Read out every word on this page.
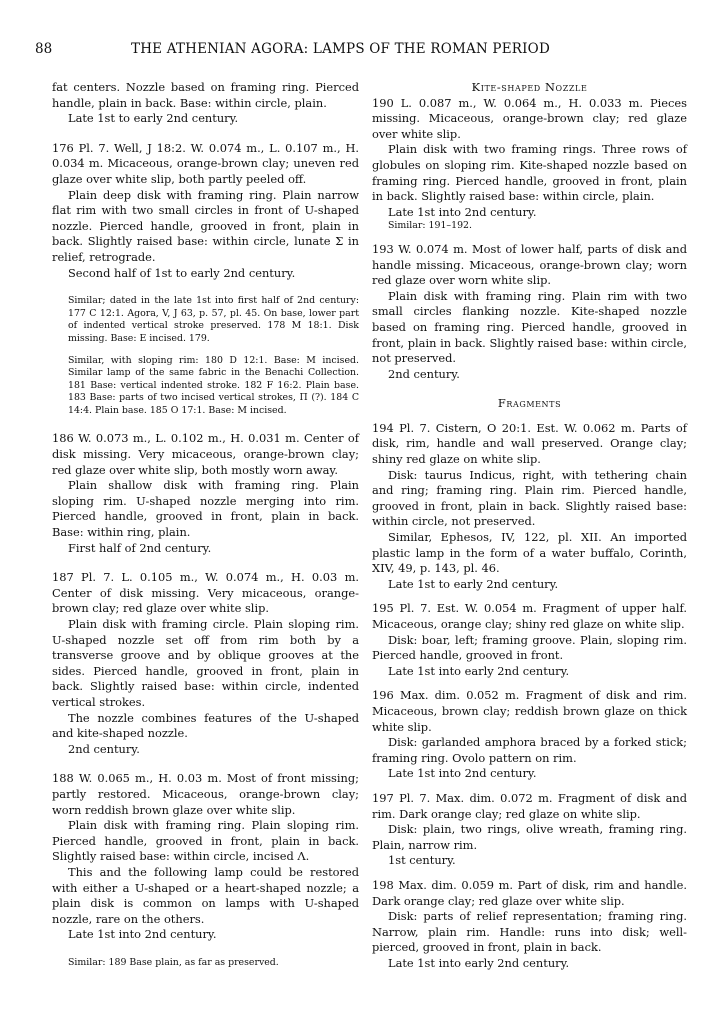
88	THE ATHENIAN AGORA: LAMPS OF THE ROMAN PERIOD

fat centers. Nozzle based on framing ring. Pierced handle, plain in back. Base: within circle, plain.

Late 1st to early 2nd century.

176 Pl. 7. Well, J 18:2. W. 0.074 m., L. 0.107 m., H. 0.034 m. Micaceous, orange-brown clay; uneven red glaze over white slip, both partly peeled off.

Plain deep disk with framing ring. Plain narrow flat rim with two small circles in front of U-shaped nozzle. Pierced handle, grooved in front, plain in back. Slightly raised base: within circle, lunate Σ in relief, retrograde.

Second half of 1st to early 2nd century.

Similar; dated in the late 1st into first half of 2nd century: 177 C 12:1. Agora, V, J 63, p. 57, pl. 45. On base, lower part of indented vertical stroke preserved. 178 M 18:1. Disk missing. Base: E incised. 179.

Similar, with sloping rim: 180 D 12:1. Base: M incised. Similar lamp of the same fabric in the Benachi Collection. 181 Base: vertical indented stroke. 182 F 16:2. Plain base. 183 Base: parts of two incised vertical strokes, Π (?). 184 C 14:4. Plain base. 185 O 17:1. Base: M incised.

186 W. 0.073 m., L. 0.102 m., H. 0.031 m. Center of disk missing. Very micaceous, orange-brown clay; red glaze over white slip, both mostly worn away.

Plain shallow disk with framing ring. Plain sloping rim. U-shaped nozzle merging into rim. Pierced handle, grooved in front, plain in back. Base: within ring, plain.

First half of 2nd century.

187 Pl. 7. L. 0.105 m., W. 0.074 m., H. 0.03 m. Center of disk missing. Very micaceous, orange-brown clay; red glaze over white slip.

Plain disk with framing circle. Plain sloping rim. U-shaped nozzle set off from rim both by a transverse groove and by oblique grooves at the sides. Pierced handle, grooved in front, plain in back. Slightly raised base: within circle, indented vertical strokes.

The nozzle combines features of the U-shaped and kite-shaped nozzle.

2nd century.

188 W. 0.065 m., H. 0.03 m. Most of front missing; partly restored. Micaceous, orange-brown clay; worn reddish brown glaze over white slip.

Plain disk with framing ring. Plain sloping rim. Pierced handle, grooved in front, plain in back. Slightly raised base: within circle, incised Λ.

This and the following lamp could be restored with either a U-shaped or a heart-shaped nozzle; a plain disk is common on lamps with U-shaped nozzle, rare on the others.

Late 1st into 2nd century.

Similar: 189 Base plain, as far as preserved.

Kite-shaped Nozzle

190 L. 0.087 m., W. 0.064 m., H. 0.033 m. Pieces missing. Micaceous, orange-brown clay; red glaze over white slip.

Plain disk with two framing rings. Three rows of globules on sloping rim. Kite-shaped nozzle based on framing ring. Pierced handle, grooved in front, plain in back. Slightly raised base: within circle, plain.

Late 1st into 2nd century.

Similar: 191–192.

193 W. 0.074 m. Most of lower half, parts of disk and handle missing. Micaceous, orange-brown clay; worn red glaze over worn white slip.

Plain disk with framing ring. Plain rim with two small circles flanking nozzle. Kite-shaped nozzle based on framing ring. Pierced handle, grooved in front, plain in back. Slightly raised base: within circle, not preserved.

2nd century.

Fragments

194 Pl. 7. Cistern, O 20:1. Est. W. 0.062 m. Parts of disk, rim, handle and wall preserved. Orange clay; shiny red glaze on white slip.

Disk: taurus Indicus, right, with tethering chain and ring; framing ring. Plain rim. Pierced handle, grooved in front, plain in back. Slightly raised base: within circle, not preserved.

Similar, Ephesos, IV, 122, pl. XII. An imported plastic lamp in the form of a water buffalo, Corinth, XIV, 49, p. 143, pl. 46.

Late 1st to early 2nd century.

195 Pl. 7. Est. W. 0.054 m. Fragment of upper half. Micaceous, orange clay; shiny red glaze on white slip.

Disk: boar, left; framing groove. Plain, sloping rim. Pierced handle, grooved in front.

Late 1st into early 2nd century.

196 Max. dim. 0.052 m. Fragment of disk and rim. Micaceous, brown clay; reddish brown glaze on thick white slip.

Disk: garlanded amphora braced by a forked stick; framing ring. Ovolo pattern on rim.

Late 1st into 2nd century.

197 Pl. 7. Max. dim. 0.072 m. Fragment of disk and rim. Dark orange clay; red glaze on white slip.

Disk: plain, two rings, olive wreath, framing ring. Plain, narrow rim.

1st century.

198 Max. dim. 0.059 m. Part of disk, rim and handle. Dark orange clay; red glaze over white slip.

Disk: parts of relief representation; framing ring. Narrow, plain rim. Handle: runs into disk; well-pierced, grooved in front, plain in back.

Late 1st into early 2nd century.
